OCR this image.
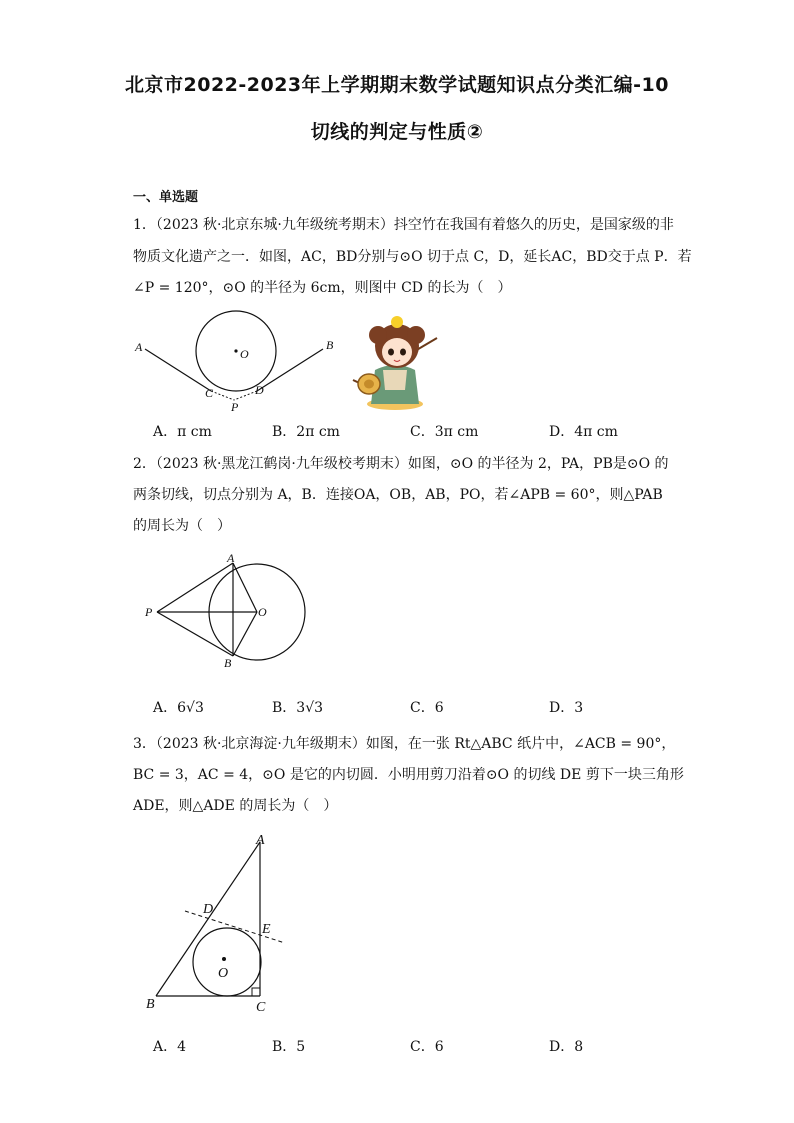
北京市2022-2023年上学期期末数学试题知识点分类汇编-10
切线的判定与性质②
一、单选题
1．（2023 秋·北京东城·九年级统考期末）抖空竹在我国有着悠久的历史，是国家级的非
物质文化遗产之一．如图，AC，BD分别与⊙O 切于点 C，D，延长AC，BD交于点 P．若
∠P = 120°，⊙O 的半径为 6cm，则图中 CD 的长为（　）
A	B
C	D
P
O
A．π cm	B．2π cm	C．3π cm	D．4π cm
2．（2023 秋·黑龙江鹤岗·九年级校考期末）如图，⊙O 的半径为 2，PA，PB是⊙O 的
两条切线，切点分别为 A，B．连接OA，OB，AB，PO，若∠APB = 60°，则△PAB
的周长为（　）
A
B
P	O
A．6√3	B．3√3	C．6	D．3
3．（2023 秋·北京海淀·九年级期末）如图，在一张 Rt△ABC 纸片中，∠ACB = 90°，
BC = 3，AC = 4，⊙O 是它的内切圆．小明用剪刀沿着⊙O 的切线 DE 剪下一块三角形
ADE，则△ADE 的周长为（　）
A
B	C
D
E
O
A．4	B．5	C．6	D．8
